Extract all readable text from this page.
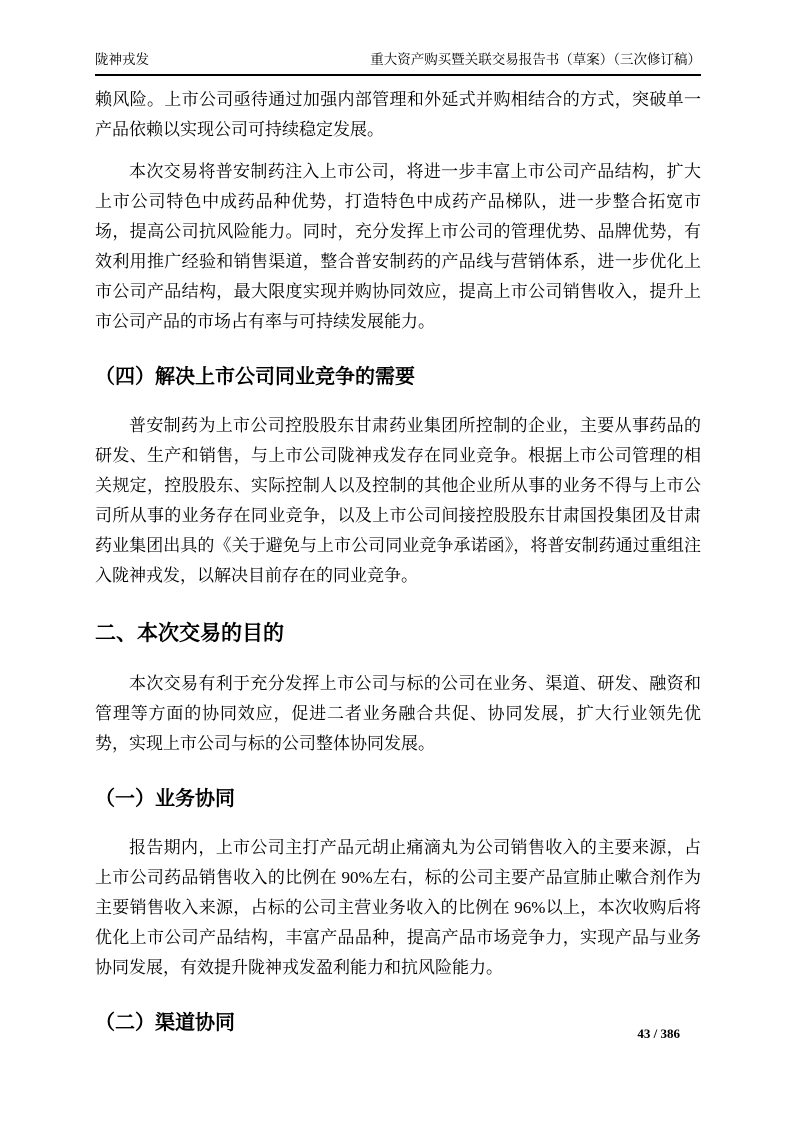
陇神戎发	重大资产购买暨关联交易报告书（草案）（三次修订稿）

赖风险。上市公司亟待通过加强内部管理和外延式并购相结合的方式，突破单一产品依赖以实现公司可持续稳定发展。

本次交易将普安制药注入上市公司，将进一步丰富上市公司产品结构，扩大上市公司特色中成药品种优势，打造特色中成药产品梯队，进一步整合拓宽市场，提高公司抗风险能力。同时，充分发挥上市公司的管理优势、品牌优势，有效利用推广经验和销售渠道，整合普安制药的产品线与营销体系，进一步优化上市公司产品结构，最大限度实现并购协同效应，提高上市公司销售收入，提升上市公司产品的市场占有率与可持续发展能力。

（四）解决上市公司同业竞争的需要

普安制药为上市公司控股股东甘肃药业集团所控制的企业，主要从事药品的研发、生产和销售，与上市公司陇神戎发存在同业竞争。根据上市公司管理的相关规定，控股股东、实际控制人以及控制的其他企业所从事的业务不得与上市公司所从事的业务存在同业竞争，以及上市公司间接控股股东甘肃国投集团及甘肃药业集团出具的《关于避免与上市公司同业竞争承诺函》，将普安制药通过重组注入陇神戎发，以解决目前存在的同业竞争。

二、本次交易的目的

本次交易有利于充分发挥上市公司与标的公司在业务、渠道、研发、融资和管理等方面的协同效应，促进二者业务融合共促、协同发展，扩大行业领先优势，实现上市公司与标的公司整体协同发展。

（一）业务协同

报告期内，上市公司主打产品元胡止痛滴丸为公司销售收入的主要来源，占上市公司药品销售收入的比例在 90%左右，标的公司主要产品宣肺止嗽合剂作为主要销售收入来源，占标的公司主营业务收入的比例在 96%以上，本次收购后将优化上市公司产品结构，丰富产品品种，提高产品市场竞争力，实现产品与业务协同发展，有效提升陇神戎发盈利能力和抗风险能力。

（二）渠道协同	43 / 386
